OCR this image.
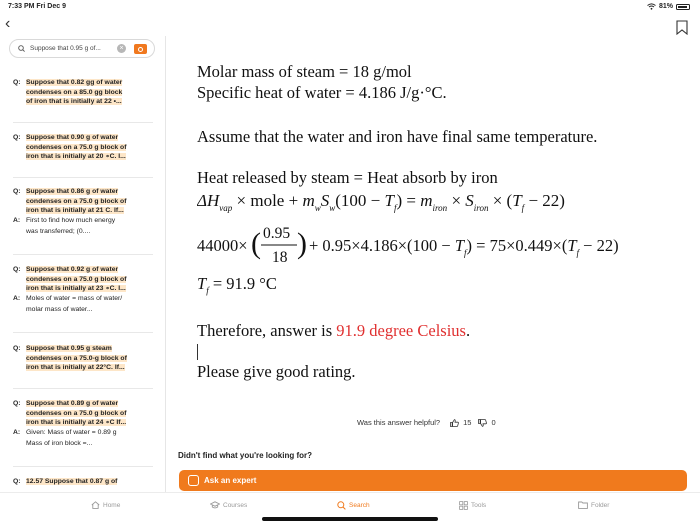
7:33 PM Fri Dec 9	81%
‹
Suppose that 0.95 g of...	×
Q: Suppose that 0.82 gg of water
condenses on a 85.0 gg block
of iron that is initially at 22 •...
Q: Suppose that 0.90 g of water
condenses on a 75.0 g block of
iron that is initially at 20 ∘C. I...
Q: Suppose that 0.86 g of water
condenses on a 75.0 g block of
iron that is initially at 21 C. If...
A: First to find how much energy
was transferred; (0....
Q: Suppose that 0.92 g of water
condenses on a 75.0 g block of
iron that is initially at 23 ∘C. I...
A: Moles of water = mass of water/
molar mass of water...
Q: Suppose that 0.95 g steam
condenses on a 75.0-g block of
iron that is initially at 22°C. If...
Q: Suppose that 0.89 g of water
condenses on a 75.0 g block of
iron that is initially at 24 ∘C If...
A: Given: Mass of water = 0.89 g
Mass of iron block =...
Q: 12.57 Suppose that 0.87 g of
Molar mass of steam = 18 g/mol
Specific heat of water = 4.186 J/g·°C.
Assume that the water and iron have final same temperature.
Heat released by steam = Heat absorb by iron
$\Delta H_{vap}$ × mole + $m_wS_w(100 - T_f) = m_{iron} \times S_{iron} \times (T_f - 22)$
44000× ( 0.95
18 ) + $0.95\times 4.186\times(100 - T_f) = 75\times 0.449\times(T_f - 22)$
$T_f = 91.9$ °C
Therefore, answer is 91.9 degree Celsius.
Please give good rating.
Was this answer helpful?	15	0
Didn't find what you're looking for?
Ask an expert
Home	Courses	Search	Tools	Folder
